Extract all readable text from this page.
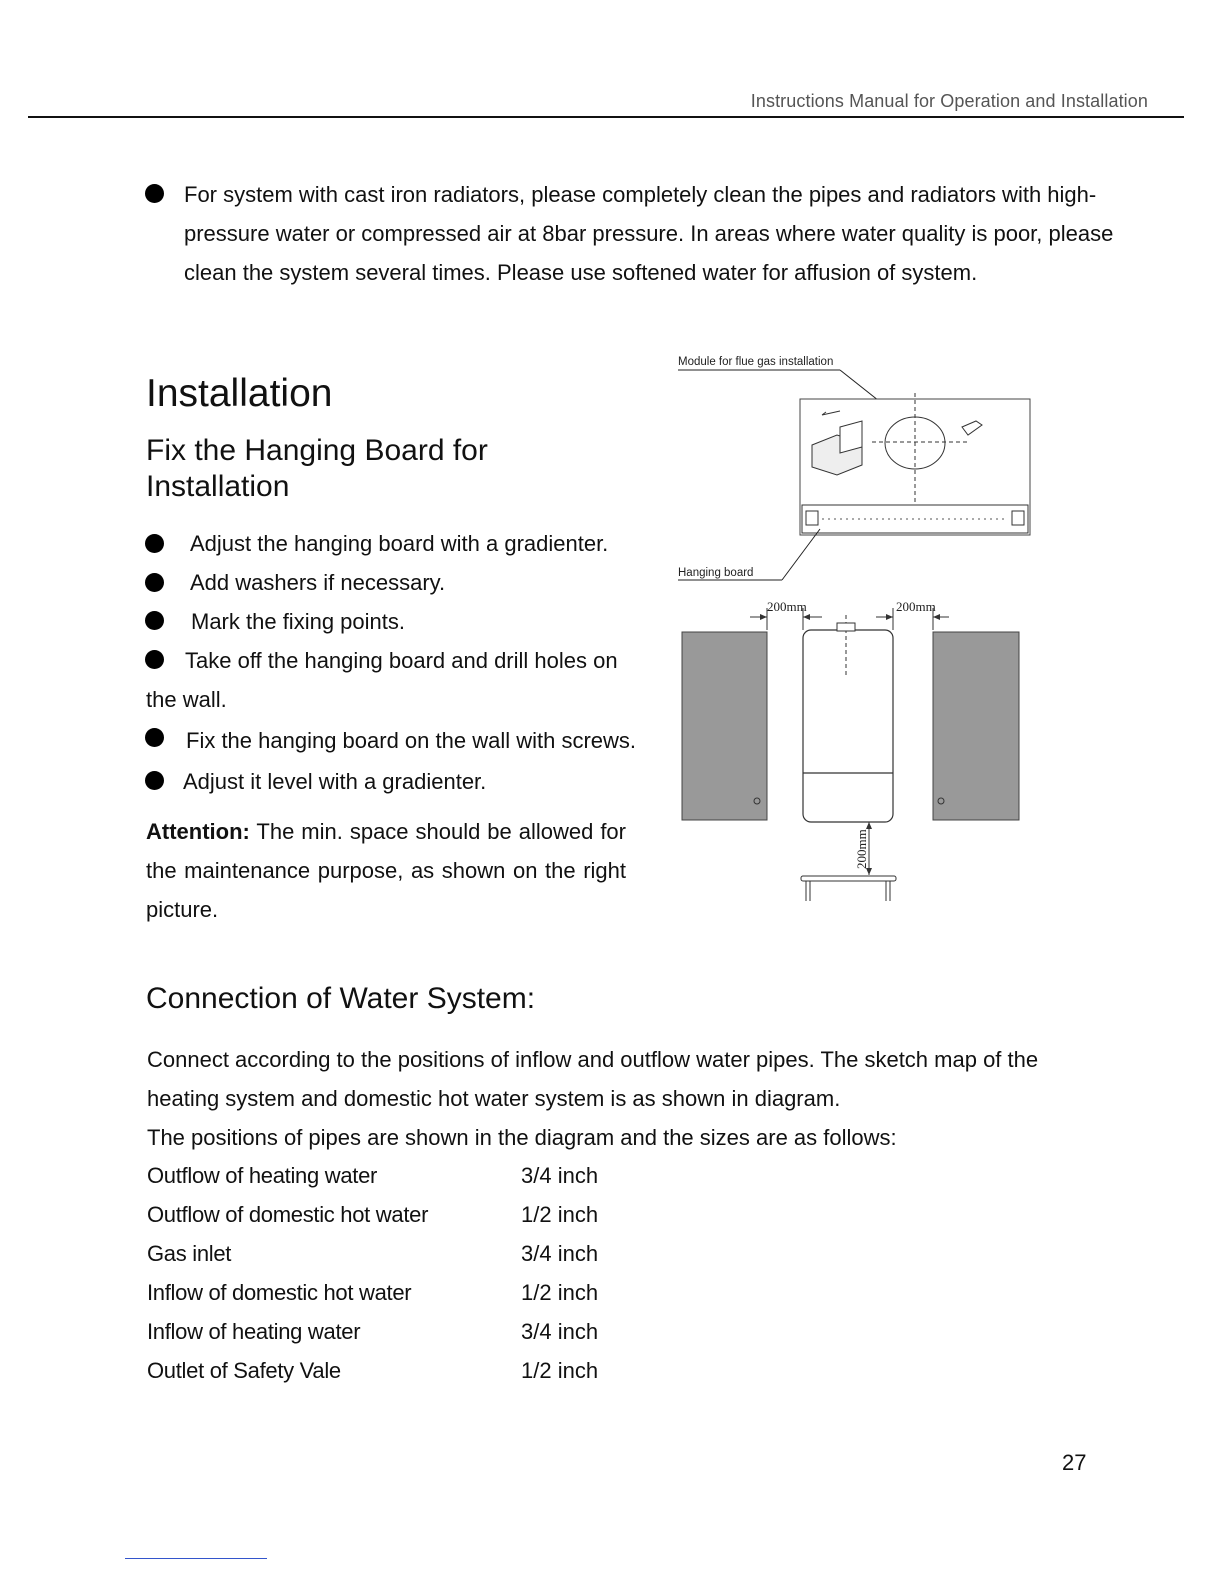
Instructions Manual for Operation and Installation
For system with cast iron radiators, please completely clean the pipes and radiators with high-pressure water or compressed air at 8bar pressure. In areas where water quality is poor, please clean the system several times. Please use softened water for affusion of system.
Installation
Fix the Hanging Board for Installation
Adjust the hanging board with a gradienter.
Add washers if necessary.
Mark the fixing points.
Take off the hanging board and drill holes on
the wall.
Fix the hanging board on the wall with screws.
Adjust it level with a gradienter.
Attention: The min. space should be allowed for the maintenance purpose, as shown on the right picture.
Module for flue gas installation
Hanging board
200mm	200mm
200mm
Connection of Water System:
Connect according to the positions of inflow and outflow water pipes. The sketch map of the heating system and domestic hot water system is as shown in diagram.
The positions of pipes are shown in the diagram and the sizes are as follows:
Outflow of heating water	3/4 inch
Outflow of domestic hot water	1/2 inch
Gas inlet	3/4 inch
Inflow of domestic hot water	1/2 inch
Inflow of heating water	3/4 inch
Outlet of Safety Vale	1/2 inch
27
